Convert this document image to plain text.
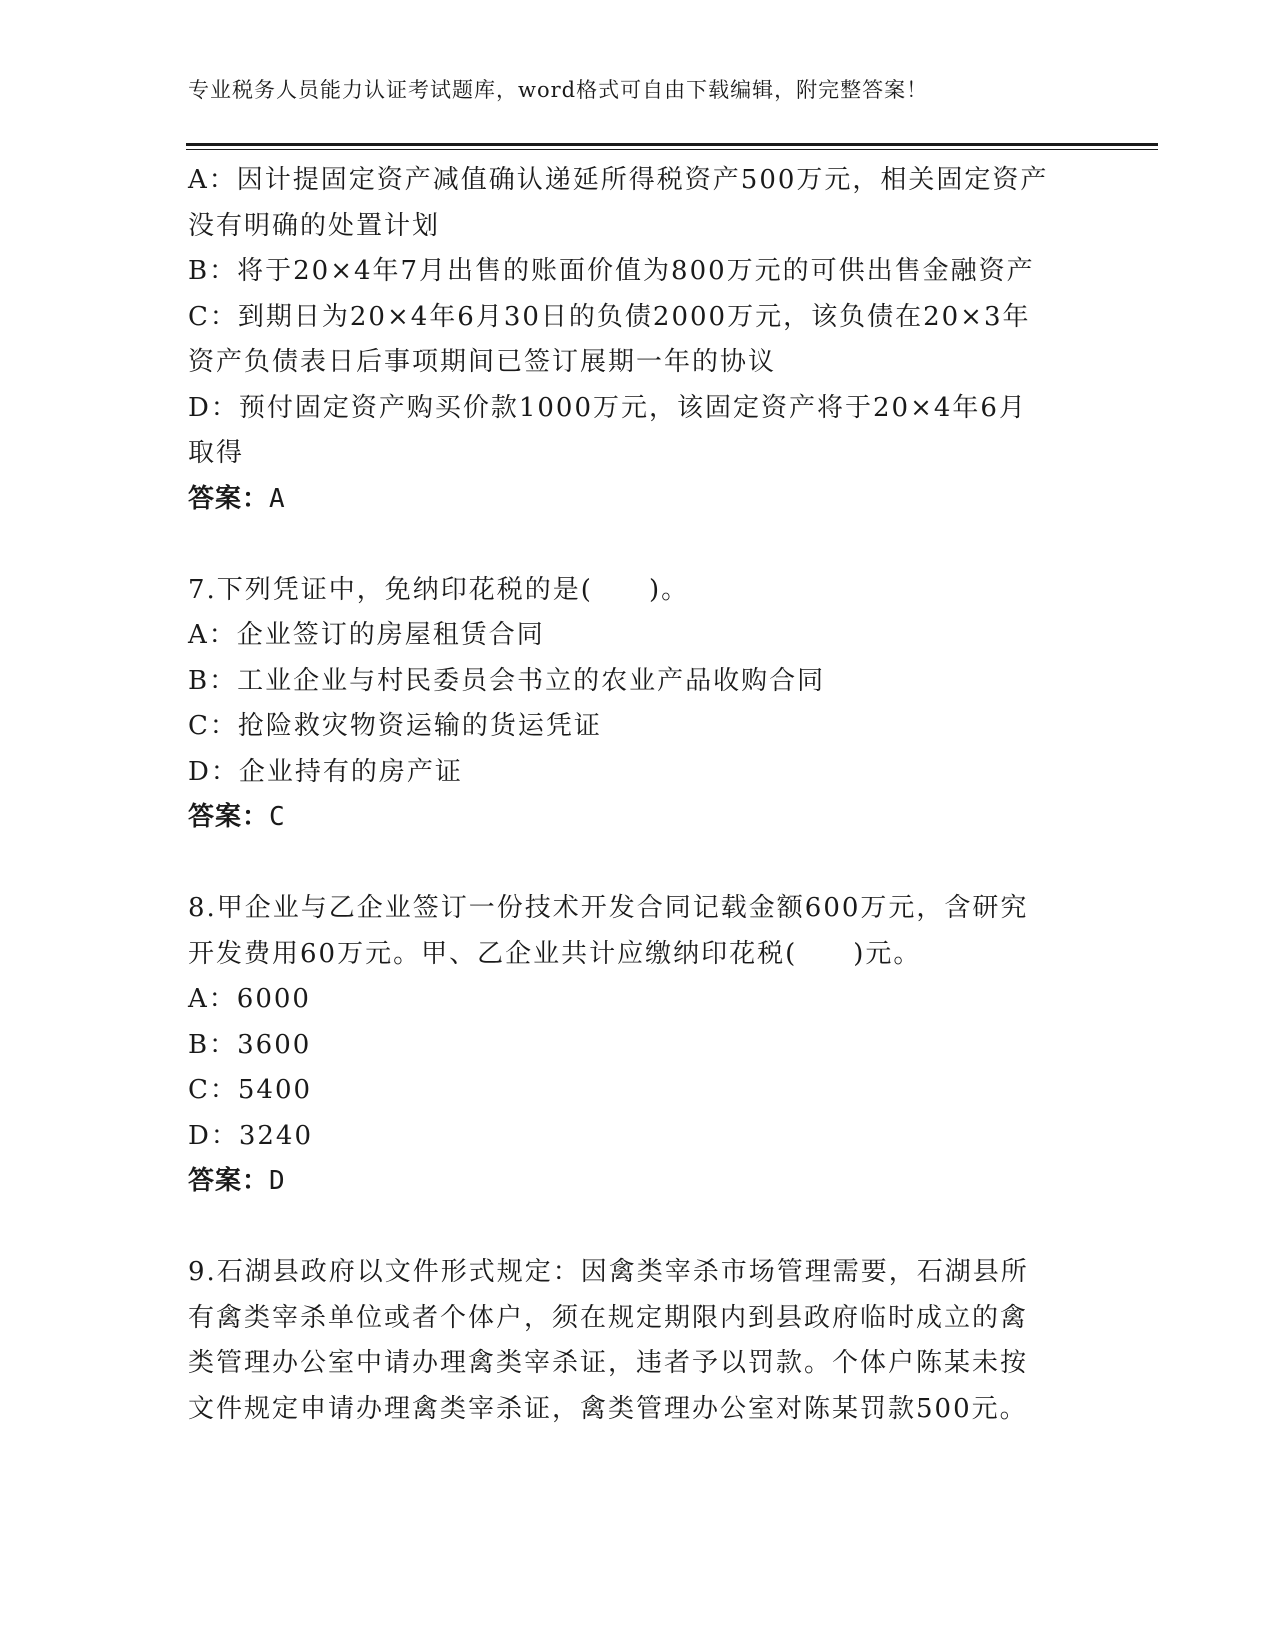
专业税务人员能力认证考试题库，word格式可自由下载编辑，附完整答案！
A：因计提固定资产减值确认递延所得税资产500万元，相关固定资产
没有明确的处置计划
B：将于20×4年7月出售的账面价值为800万元的可供出售金融资产
C：到期日为20×4年6月30日的负债2000万元，该负债在20×3年
资产负债表日后事项期间已签订展期一年的协议
D：预付固定资产购买价款1000万元，该固定资产将于20×4年6月
取得
答案：A
7.下列凭证中，免纳印花税的是(　　)。
A：企业签订的房屋租赁合同
B：工业企业与村民委员会书立的农业产品收购合同
C：抢险救灾物资运输的货运凭证
D：企业持有的房产证
答案：C
8.甲企业与乙企业签订一份技术开发合同记载金额600万元，含研究
开发费用60万元。甲、乙企业共计应缴纳印花税(　　)元。
A：6000
B：3600
C：5400
D：3240
答案：D
9.石湖县政府以文件形式规定：因禽类宰杀市场管理需要，石湖县所
有禽类宰杀单位或者个体户，须在规定期限内到县政府临时成立的禽
类管理办公室中请办理禽类宰杀证，违者予以罚款。个体户陈某未按
文件规定申请办理禽类宰杀证，禽类管理办公室对陈某罚款500元。
